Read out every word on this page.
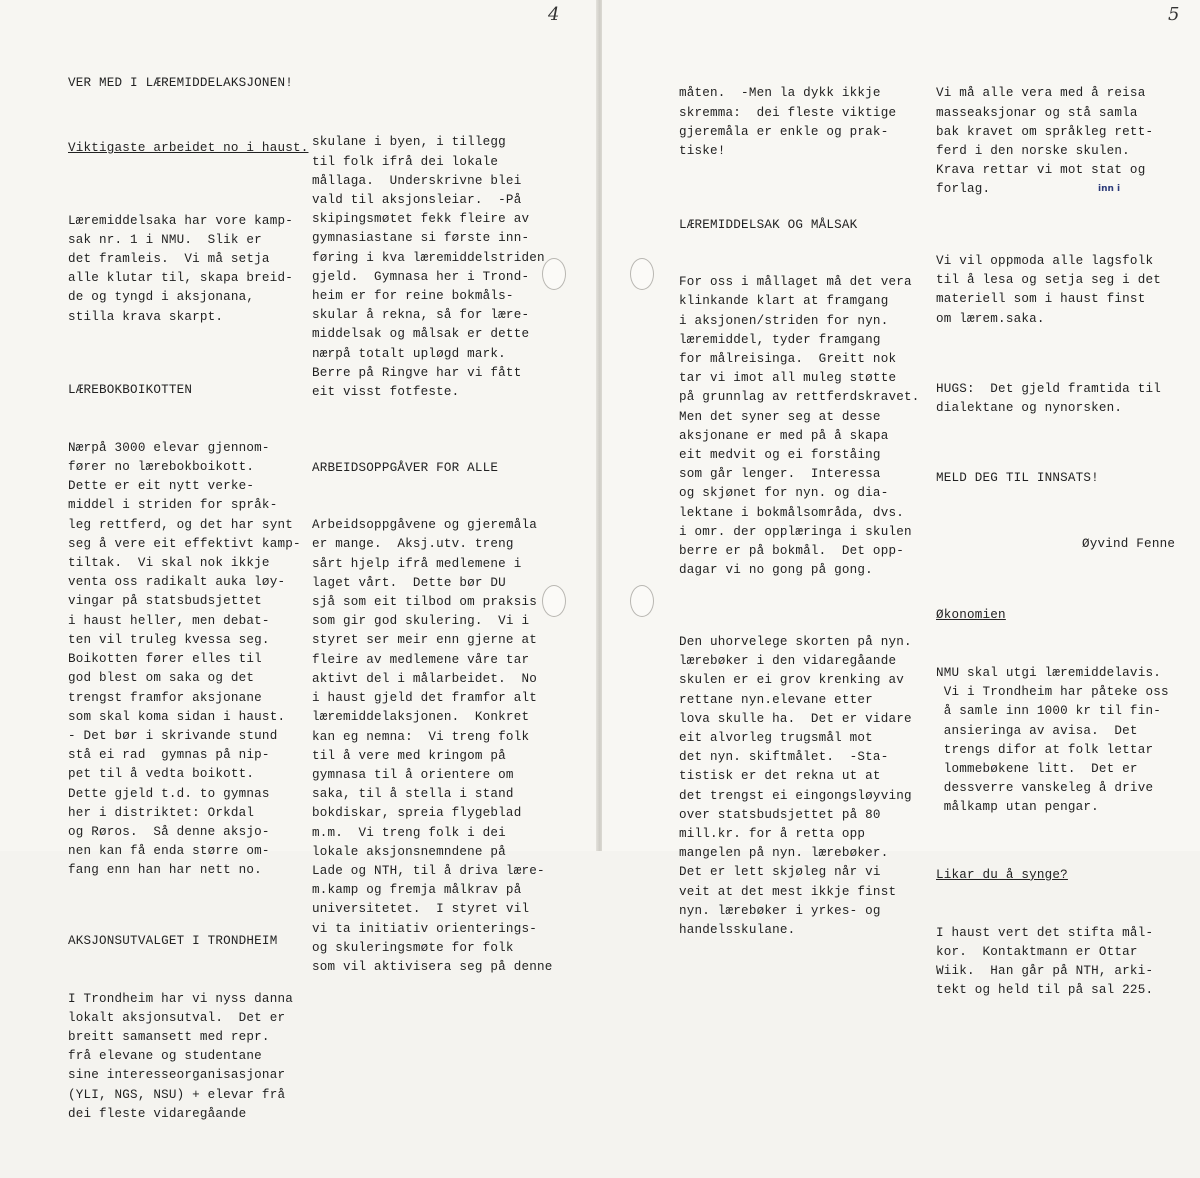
4

VER MED I LÆREMIDDELAKSJONEN!

Viktigaste arbeidet no i haust.

Læremiddelsaka har vore kamp-
sak nr. 1 i NMU.  Slik er
det framleis.  Vi må setja
alle klutar til, skapa breid-
de og tyngd i aksjonana,
stilla krava skarpt.

LÆREBOKBOIKOTTEN

Nærpå 3000 elevar gjennom-
fører no lærebokboikott.
Dette er eit nytt verke-
middel i striden for språk-
leg rettferd, og det har synt
seg å vere eit effektivt kamp-
tiltak.  Vi skal nok ikkje
venta oss radikalt auka løy-
vingar på statsbudsjettet
i haust heller, men debat-
ten vil truleg kvessa seg.
Boikotten fører elles til
god blest om saka og det
trengst framfor aksjonane
som skal koma sidan i haust.
- Det bør i skrivande stund
stå ei rad  gymnas på nip-
pet til å vedta boikott.
Dette gjeld t.d. to gymnas
her i distriktet: Orkdal
og Røros.  Så denne aksjo-
nen kan få enda større om-
fang enn han har nett no.

AKSJONSUTVALGET I TRONDHEIM

I Trondheim har vi nyss danna
lokalt aksjonsutval.  Det er
breitt samansett med repr.
frå elevane og studentane
sine interesseorganisasjonar
(YLI, NGS, NSU) + elevar frå
dei fleste vidaregåande

skulane i byen, i tillegg
til folk ifrå dei lokale
mållaga.  Underskrivne blei
vald til aksjonsleiar.  -På
skipingsmøtet fekk fleire av
gymnasiastane si første inn-
føring i kva læremiddelstriden
gjeld.  Gymnasa her i Trond-
heim er for reine bokmåls-
skular å rekna, så for lære-
middelsak og målsak er dette
nærpå totalt upløgd mark.
Berre på Ringve har vi fått
eit visst fotfeste.

ARBEIDSOPPGÅVER FOR ALLE

Arbeidsoppgåvene og gjeremåla
er mange.  Aksj.utv. treng
sårt hjelp ifrå medlemene i
laget vårt.  Dette bør DU
sjå som eit tilbod om praksis
som gir god skulering.  Vi i
styret ser meir enn gjerne at
fleire av medlemene våre tar
aktivt del i målarbeidet.  No
i haust gjeld det framfor alt
læremiddelaksjonen.  Konkret
kan eg nemna:  Vi treng folk
til å vere med kringom på
gymnasa til å orientere om
saka, til å stella i stand
bokdiskar, spreia flygeblad
m.m.  Vi treng folk i dei
lokale aksjonsnemndene på
Lade og NTH, til å driva lære-
m.kamp og fremja målkrav på
universitetet.  I styret vil
vi ta initiativ orienterings-
og skuleringsmøte for folk
som vil aktivisera seg på denne

5

måten.  -Men la dykk ikkje
skremma:  dei fleste viktige
gjeremåla er enkle og prak-
tiske!

LÆREMIDDELSAK OG MÅLSAK

For oss i mållaget må det vera
klinkande klart at framgang
i aksjonen/striden for nyn.
læremiddel, tyder framgang
for målreisinga.  Greitt nok
tar vi imot all muleg støtte
på grunnlag av rettferdskravet.
Men det syner seg at desse
aksjonane er med på å skapa
eit medvit og ei forståing
som går lenger.  Interessa
og skjønet for nyn. og dia-
lektane i bokmålsområda, dvs.
i omr. der opplæringa i skulen
berre er på bokmål.  Det opp-
dagar vi no gong på gong.

Den uhorvelege skorten på nyn.
lærebøker i den vidaregåande
skulen er ei grov krenking av
rettane nyn.elevane etter
lova skulle ha.  Det er vidare
eit alvorleg trugsmål mot
det nyn. skiftmålet.  -Sta-
tistisk er det rekna ut at
det trengst ei eingongsløyving
over statsbudsjettet på 80
mill.kr. for å retta opp
mangelen på nyn. lærebøker.
Det er lett skjøleg når vi
veit at det mest ikkje finst
nyn. lærebøker i yrkes- og
handelsskulane.

Vi må alle vera med å reisa
masseaksjonar og stå samla
bak kravet om språkleg rett-
ferd i den norske skulen.
Krava rettar vi mot stat og
forlag.

Vi vil oppmoda alle lagsfolk
til å lesa og setja seg i det
materiell som i haust finst
om lærem.saka.

HUGS:  Det gjeld framtida til
dialektane og nynorsken.

MELD DEG TIL INNSATS!

Øyvind Fenne

Økonomien

NMU skal utgi læremiddelavis.
Vi i Trondheim har påteke oss
å samle inn 1000 kr til fin-
ansieringa av avisa.  Det
trengs difor at folk lettar
lommebøkene litt.  Det er
dessverre vanskeleg å drive
målkamp utan pengar.

Likar du å synge?

I haust vert det stifta mål-
kor.  Kontaktmann er Ottar
Wiik.  Han går på NTH, arki-
tekt og held til på sal 225.

inn i
